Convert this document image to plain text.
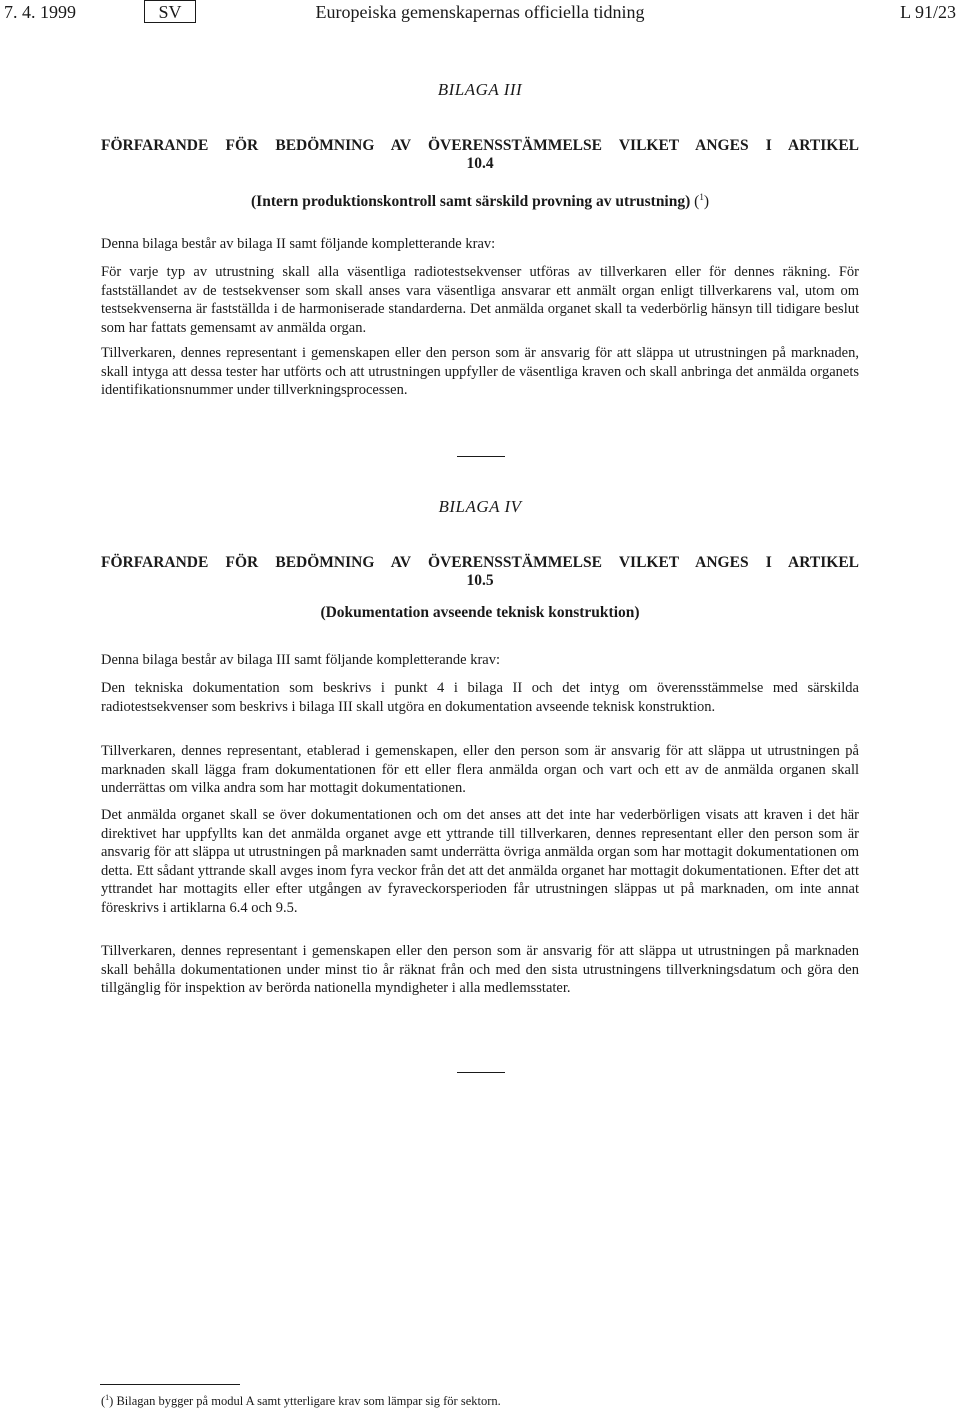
7. 4. 1999	SV	Europeiska gemenskapernas officiella tidning	L 91/23
BILAGA III
FÖRFARANDE FÖR BEDÖMNING AV ÖVERENSSTÄMMELSE VILKET ANGES I ARTIKEL
10.4
(Intern produktionskontroll samt särskild provning av utrustning) ($^1$)
Denna bilaga består av bilaga II samt följande kompletterande krav:
För varje typ av utrustning skall alla väsentliga radiotestsekvenser utföras av tillverkaren eller för dennes räkning. För fastställandet av de testsekvenser som skall anses vara väsentliga ansvarar ett anmält organ enligt tillverkarens val, utom om testsekvenserna är fastställda i de harmoniserade standarderna. Det anmälda organet skall ta vederbörlig hänsyn till tidigare beslut som har fattats gemensamt av anmälda organ.
Tillverkaren, dennes representant i gemenskapen eller den person som är ansvarig för att släppa ut utrustningen på marknaden, skall intyga att dessa tester har utförts och att utrustningen uppfyller de väsentliga kraven och skall anbringa det anmälda organets identifikationsnummer under tillverkningsprocessen.
BILAGA IV
FÖRFARANDE FÖR BEDÖMNING AV ÖVERENSSTÄMMELSE VILKET ANGES I ARTIKEL
10.5
(Dokumentation avseende teknisk konstruktion)
Denna bilaga består av bilaga III samt följande kompletterande krav:
Den tekniska dokumentation som beskrivs i punkt 4 i bilaga II och det intyg om överensstämmelse med särskilda radiotestsekvenser som beskrivs i bilaga III skall utgöra en dokumentation avseende teknisk konstruktion.
Tillverkaren, dennes representant, etablerad i gemenskapen, eller den person som är ansvarig för att släppa ut utrustningen på marknaden skall lägga fram dokumentationen för ett eller flera anmälda organ och vart och ett av de anmälda organen skall underrättas om vilka andra som har mottagit dokumentationen.
Det anmälda organet skall se över dokumentationen och om det anses att det inte har vederbörligen visats att kraven i det här direktivet har uppfyllts kan det anmälda organet avge ett yttrande till tillverkaren, dennes representant eller den person som är ansvarig för att släppa ut utrustningen på marknaden samt underrätta övriga anmälda organ som har mottagit dokumentationen om detta. Ett sådant yttrande skall avges inom fyra veckor från det att det anmälda organet har mottagit dokumentationen. Efter det att yttrandet har mottagits eller efter utgången av fyraveckorsperioden får utrustningen släppas ut på marknaden, om inte annat föreskrivs i artiklarna 6.4 och 9.5.
Tillverkaren, dennes representant i gemenskapen eller den person som är ansvarig för att släppa ut utrustningen på marknaden skall behålla dokumentationen under minst tio år räknat från och med den sista utrustningens tillverkningsdatum och göra den tillgänglig för inspektion av berörda nationella myndigheter i alla medlemsstater.
($^1$) Bilagan bygger på modul A samt ytterligare krav som lämpar sig för sektorn.
